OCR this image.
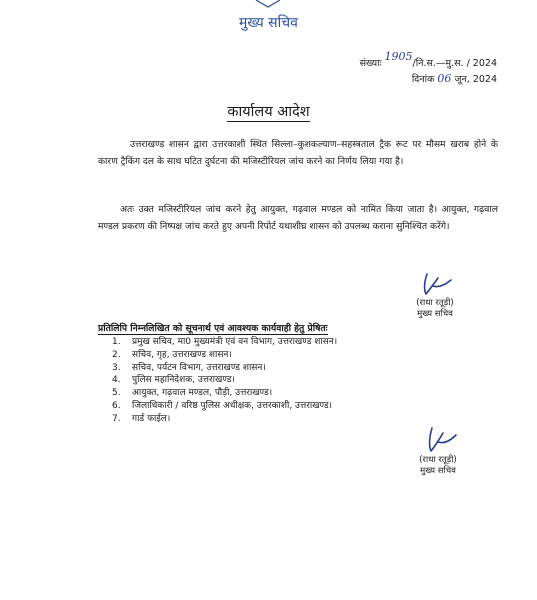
मुख्य सचिव
संख्याः 1905/नि.स.—मु.स. / 2024
दिनांक 06 जून, 2024
कार्यालय आदेश

उत्तराखण्ड शासन द्वारा उत्तरकाशी स्थित सिल्ला–कुशकल्याण–सहस्त्रताल ट्रैक रूट पर मौसम खराब होने के कारण ट्रैकिंग दल के साथ घटित दुर्घटना की मजिस्टीरियल जांच करने का निर्णय लिया गया है।

अतः उक्त मजिस्टीरियल जांच करने हेतु आयुक्त, गढ़वाल मण्डल को नामित किया जाता है। आयुक्त, गढ़वाल मण्डल प्रकरण की निष्पक्ष जांच करते हुए अपनी रिपोर्ट यथाशीघ्र शासन को उपलब्ध कराना सुनिश्चित करेंगे।

(राधा रतूड़ी)
मुख्य सचिव
प्रतिलिपि निम्नलिखित को सूचनार्थ एवं आवश्यक कार्यवाही हेतु प्रेषितः
1.	प्रमुख सचिव, मा0 मुख्यमंत्री एवं वन विभाग, उत्तराखण्ड शासन।
2.	सचिव, गृह, उत्तराखण्ड शासन।
3.	सचिव, पर्यटन विभाग, उत्तराखण्ड शासन।
4.	पुलिस महानिदेशक, उत्तराखण्ड।
5.	आयुक्त, गढ़वाल मण्डल, पौड़ी, उत्तराखण्ड।
6.	जिलाधिकारी / वरिष्ठ पुलिस अधीक्षक, उत्तरकाशी, उत्तराखण्ड।
7.	गार्ड फाईल।
(राधा रतूड़ी)
मुख्य सचिव
